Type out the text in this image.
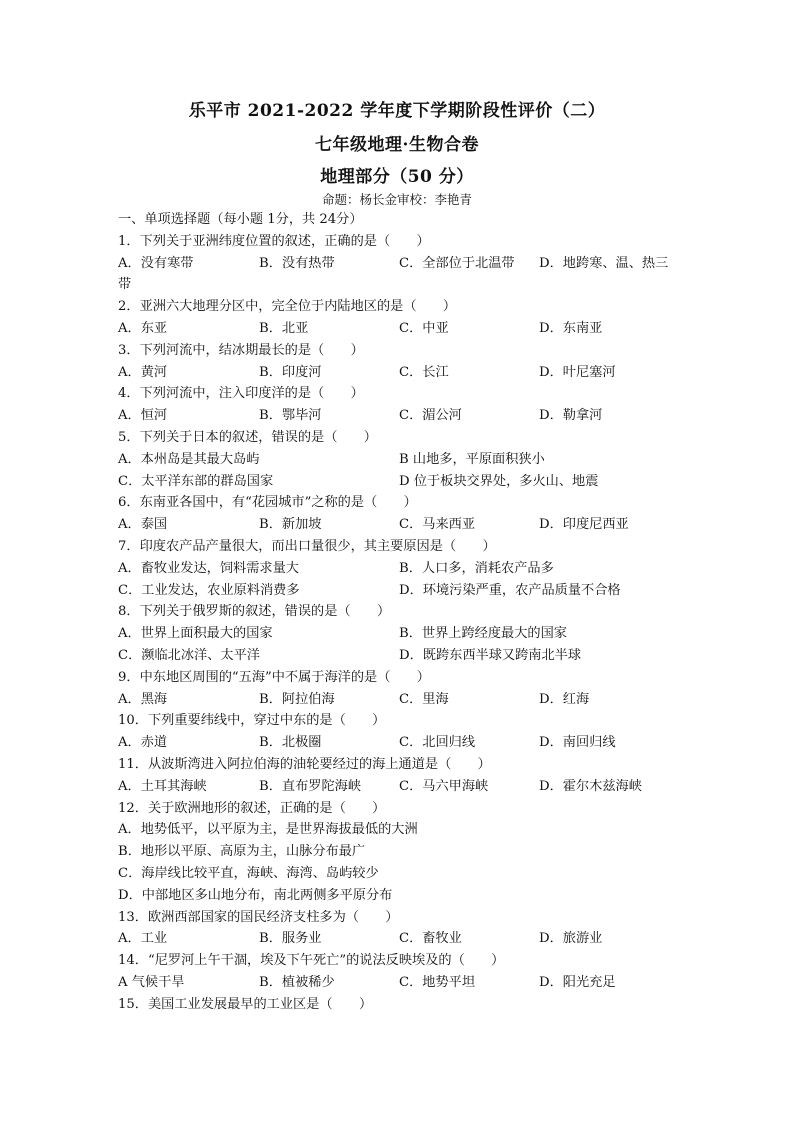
乐平市 2021-2022 学年度下学期阶段性评价（二）
七年级地理·生物合卷
地理部分（50 分）
命题：杨长金审校：李艳青
一、单项选择题（每小题 1分，共 24分）
1．下列关于亚洲纬度位置的叙述，正确的是（　　）
A．没有寒带	B．没有热带	C．全部位于北温带 D．地跨寒、温、热三
带
2．亚洲六大地理分区中，完全位于内陆地区的是（　　）
A．东亚	B．北亚	C．中亚	D．东南亚
3．下列河流中，结冰期最长的是（　　）
A．黄河	B．印度河	C．长江	D．叶尼塞河
4．下列河流中，注入印度洋的是（　　）
A．恒河	B．鄂毕河	C．湄公河	D．勒拿河
5．下列关于日本的叙述，错误的是（　　）
A．本州岛是其最大岛屿	B 山地多，平原面积狭小
C．太平洋东部的群岛国家	D 位于板块交界处，多火山、地震
6．东南亚各国中，有“花园城市”之称的是（　　）
A．泰国	B．新加坡	C．马来西亚	D．印度尼西亚
7．印度农产品产量很大，而出口量很少，其主要原因是（　　）
A．畜牧业发达，饲料需求量大	B．人口多，消耗农产品多
C．工业发达，农业原料消费多	D．环境污染严重，农产品质量不合格
8．下列关于俄罗斯的叙述，错误的是（　　）
A．世界上面积最大的国家	B．世界上跨经度最大的国家
C．濒临北冰洋、太平洋	D．既跨东西半球又跨南北半球
9．中东地区周围的“五海”中不属于海洋的是（　　）
A．黑海	B．阿拉伯海	C．里海	D．红海
10．下列重要纬线中，穿过中东的是（　　）
A．赤道	B．北极圈	C．北回归线	D．南回归线
11．从波斯湾进入阿拉伯海的油轮要经过的海上通道是（　　）
A．土耳其海峡	B．直布罗陀海峡	C．马六甲海峡	D．霍尔木兹海峡
12．关于欧洲地形的叙述，正确的是（　　）
A．地势低平，以平原为主，是世界海拔最低的大洲
B．地形以平原、高原为主，山脉分布最广
C．海岸线比较平直，海峡、海湾、岛屿较少
D．中部地区多山地分布，南北两侧多平原分布
13．欧洲西部国家的国民经济支柱多为（　　）
A．工业	B．服务业	C．畜牧业	D．旅游业
14．“尼罗河上午干涸，埃及下午死亡”的说法反映埃及的（　　）
A 气候干旱	B．植被稀少	C．地势平坦	D．阳光充足
15．美国工业发展最早的工业区是（　　）
